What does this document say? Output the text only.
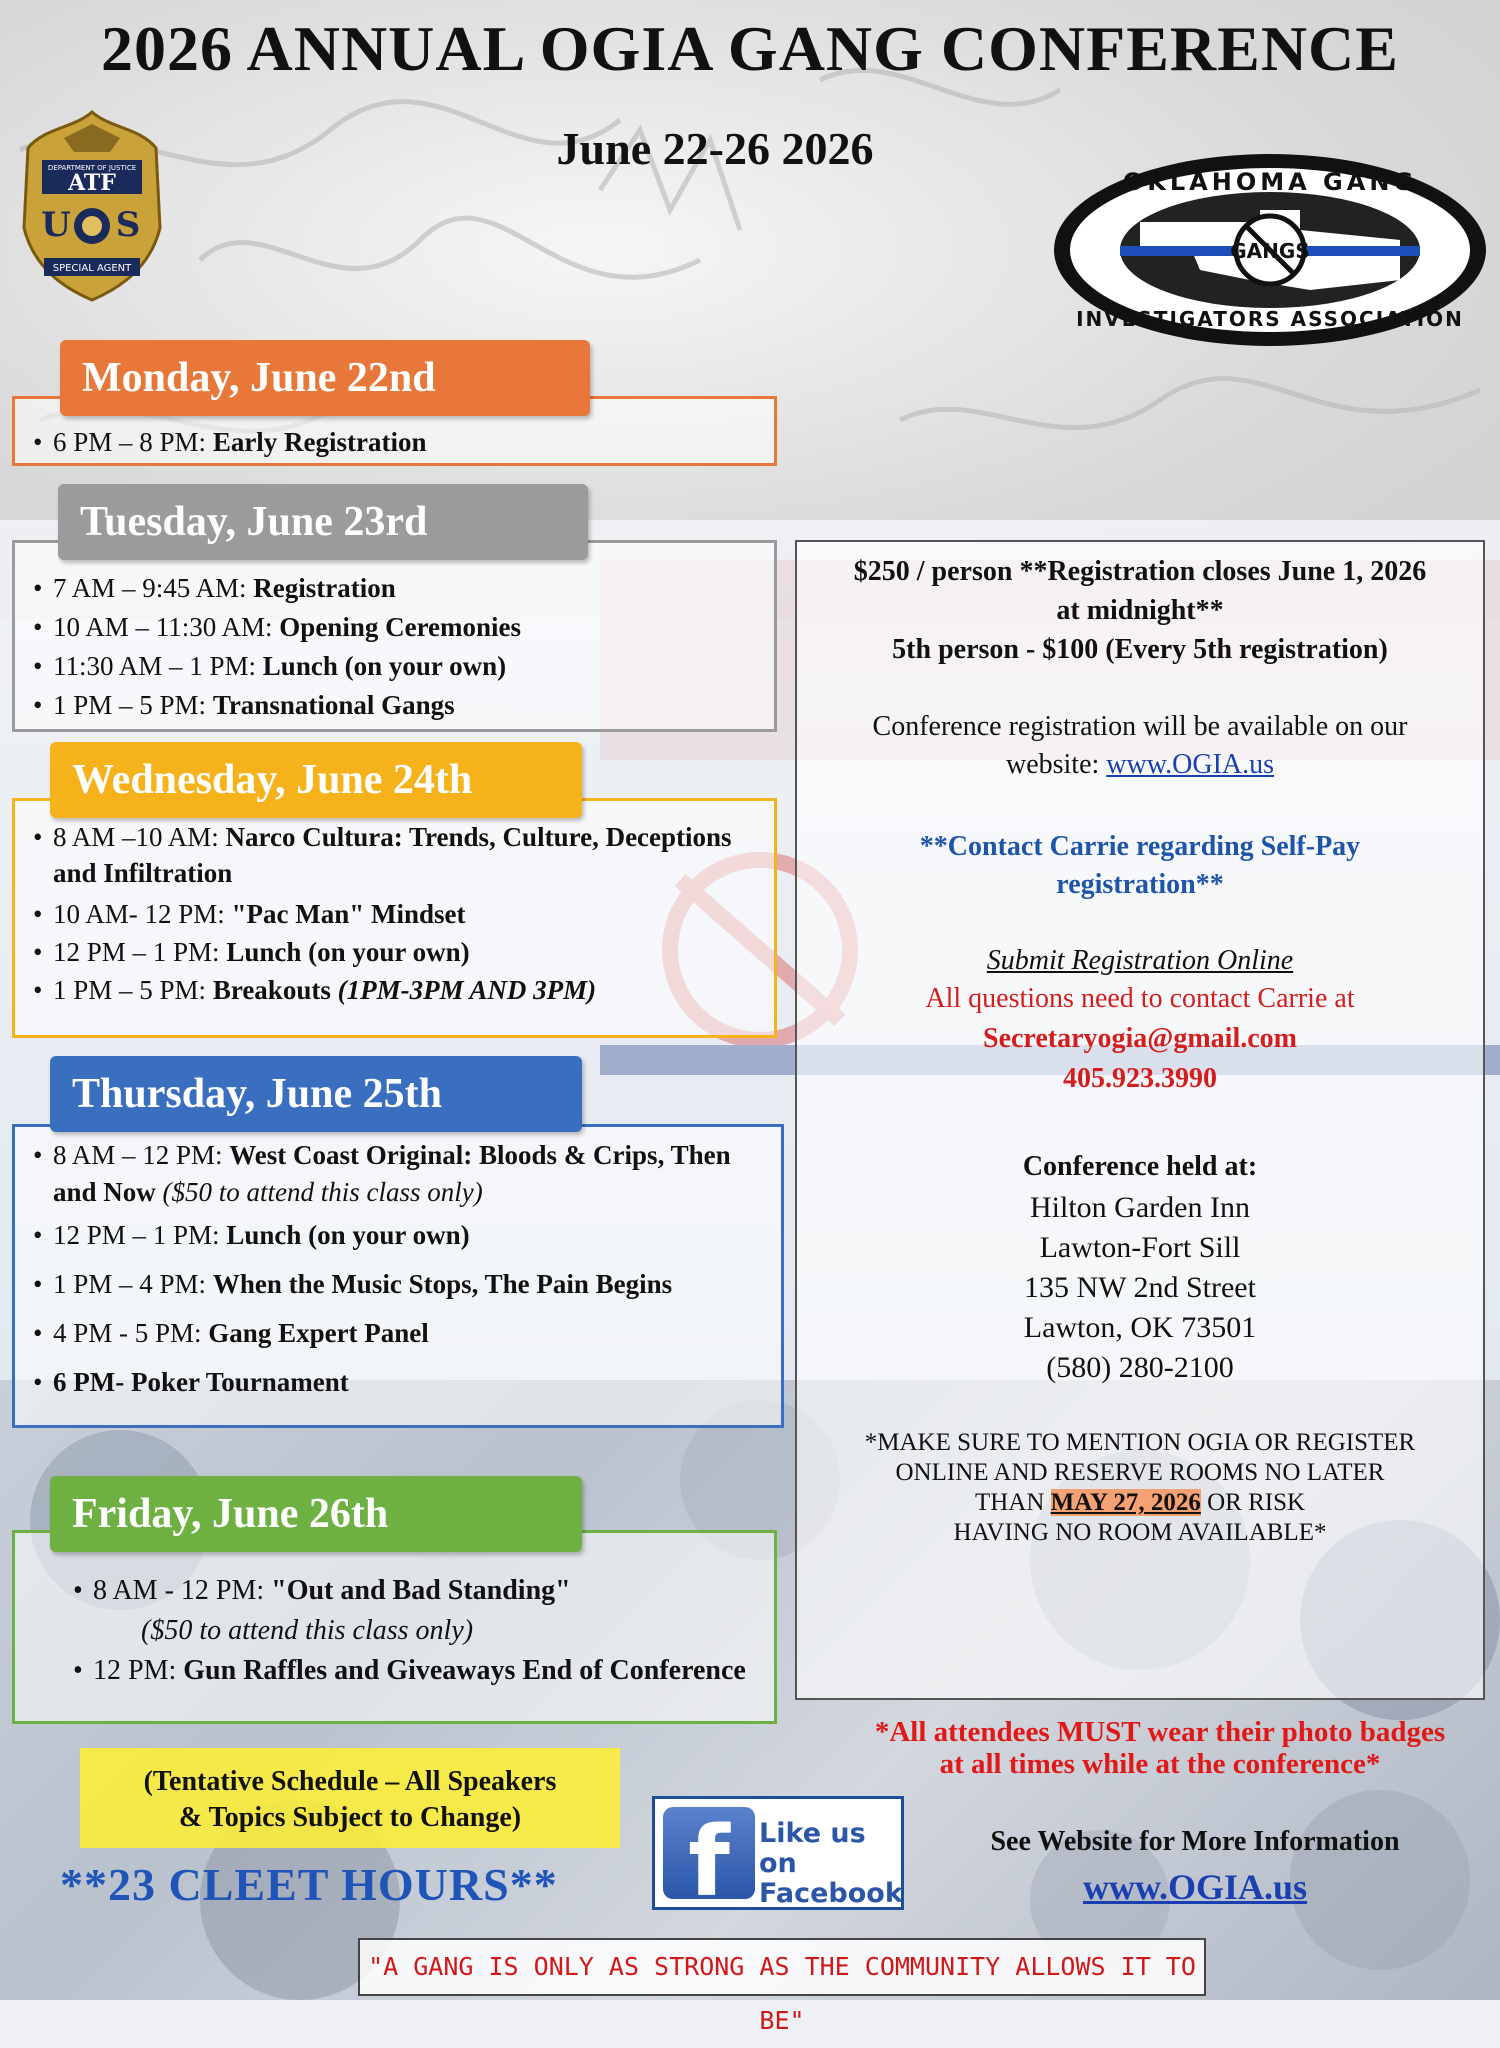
2026 ANNUAL OGIA GANG CONFERENCE
June 22-26 2026
DEPARTMENT OF JUSTICE
ATF
U S
SPECIAL AGENT
GANGS
OKLAHOMA GANG
INVESTIGATORS ASSOCIATION
• 6 PM – 8 PM: Early Registration
Monday, June 22nd
• 7 AM – 9:45 AM: Registration
• 10 AM – 11:30 AM: Opening Ceremonies
• 11:30 AM – 1 PM: Lunch (on your own)
• 1 PM – 5 PM: Transnational Gangs
Tuesday, June 23rd
• 8 AM –10 AM: Narco Cultura: Trends, Culture, Deceptions and Infiltration
• 10 AM- 12 PM: "Pac Man" Mindset
• 12 PM – 1 PM: Lunch (on your own)
• 1 PM – 5 PM: Breakouts (1PM-3PM AND 3PM)
Wednesday, June 24th
• 8 AM – 12 PM: West Coast Original: Bloods & Crips, Then and Now ($50 to attend this class only)
• 12 PM – 1 PM: Lunch (on your own)
• 1 PM – 4 PM: When the Music Stops, The Pain Begins
• 4 PM - 5 PM: Gang Expert Panel
• 6 PM- Poker Tournament
Thursday, June 25th
• 8 AM - 12 PM: "Out and Bad Standing"
($50 to attend this class only)
• 12 PM: Gun Raffles and Giveaways End of Conference
Friday, June 26th

$250 / person **Registration closes June 1, 2026
at midnight**
5th person - $100 (Every 5th registration)

Conference registration will be available on our
website: www.OGIA.us

**Contact Carrie regarding Self-Pay
registration**

Submit Registration Online

All questions need to contact Carrie at

Secretaryogia@gmail.com

405.923.3990

Conference held at:

Hilton Garden Inn
Lawton-Fort Sill
135 NW 2nd Street
Lawton, OK 73501
(580) 280-2100

*MAKE SURE TO MENTION OGIA OR REGISTER
ONLINE AND RESERVE ROOMS NO LATER
THAN MAY 27, 2026 OR RISK
HAVING NO ROOM AVAILABLE*

*All attendees MUST wear their photo badges
at all times while at the conference*
(Tentative Schedule – All Speakers
& Topics Subject to Change)
**23 CLEET HOURS**	f	Like us on
Facebook
See Website for More Information
www.OGIA.us
"A GANG IS ONLY AS STRONG AS THE COMMUNITY ALLOWS IT TO BE"
